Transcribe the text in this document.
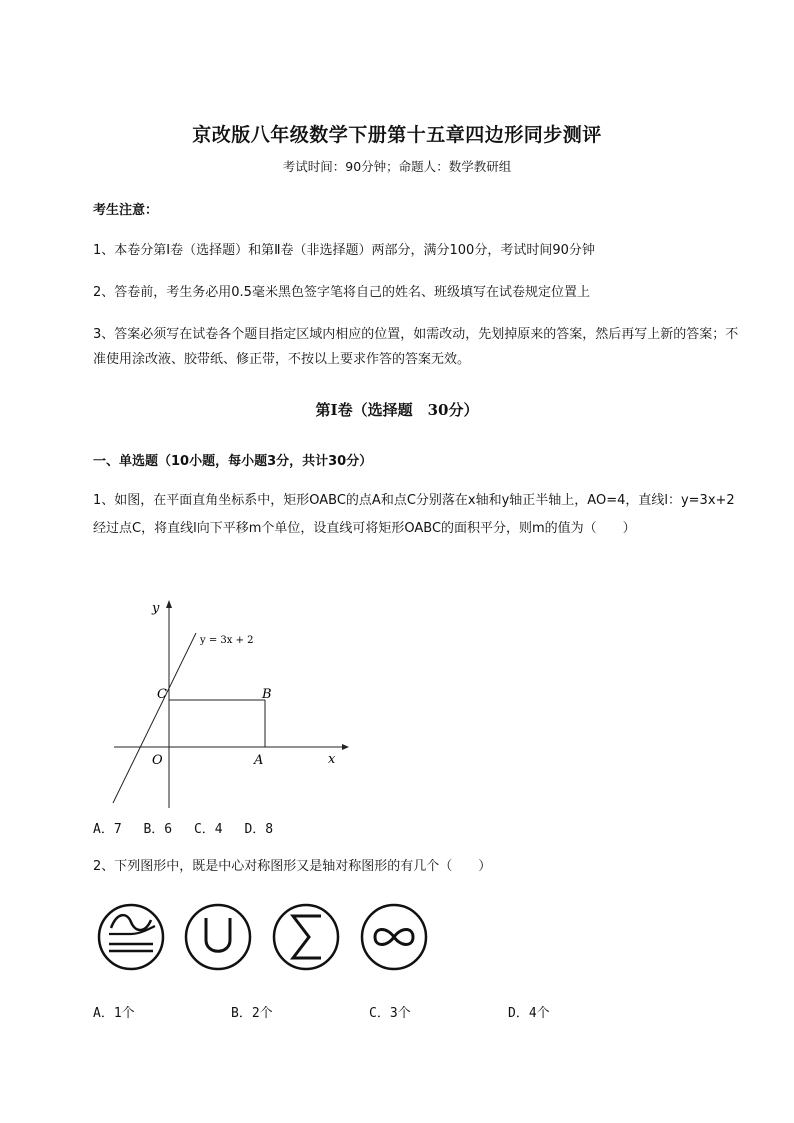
京改版八年级数学下册第十五章四边形同步测评
考试时间：90分钟；命题人：数学教研组
考生注意：
1、本卷分第I卷（选择题）和第Ⅱ卷（非选择题）两部分，满分100分，考试时间90分钟
2、答卷前，考生务必用0.5毫米黑色签字笔将自己的姓名、班级填写在试卷规定位置上
3、答案必须写在试卷各个题目指定区域内相应的位置，如需改动，先划掉原来的答案，然后再写上新的答案；不准使用涂改液、胶带纸、修正带，不按以上要求作答的答案无效。
第I卷（选择题　30分）
一、单选题（10小题，每小题3分，共计30分）
1、如图，在平面直角坐标系中，矩形OABC的点A和点C分别落在x轴和y轴正半轴上，AO=4，直线l：y=3x+2经过点C，将直线l向下平移m个单位，设直线可将矩形OABC的面积平分，则m的值为（　　）
y = 3x + 2
x
y
O	A
B
C
A．7 B．6 C．4 D．8
2、下列图形中，既是中心对称图形又是轴对称图形的有几个（　　）
A．1个	B．2个	C．3个	D．4个
